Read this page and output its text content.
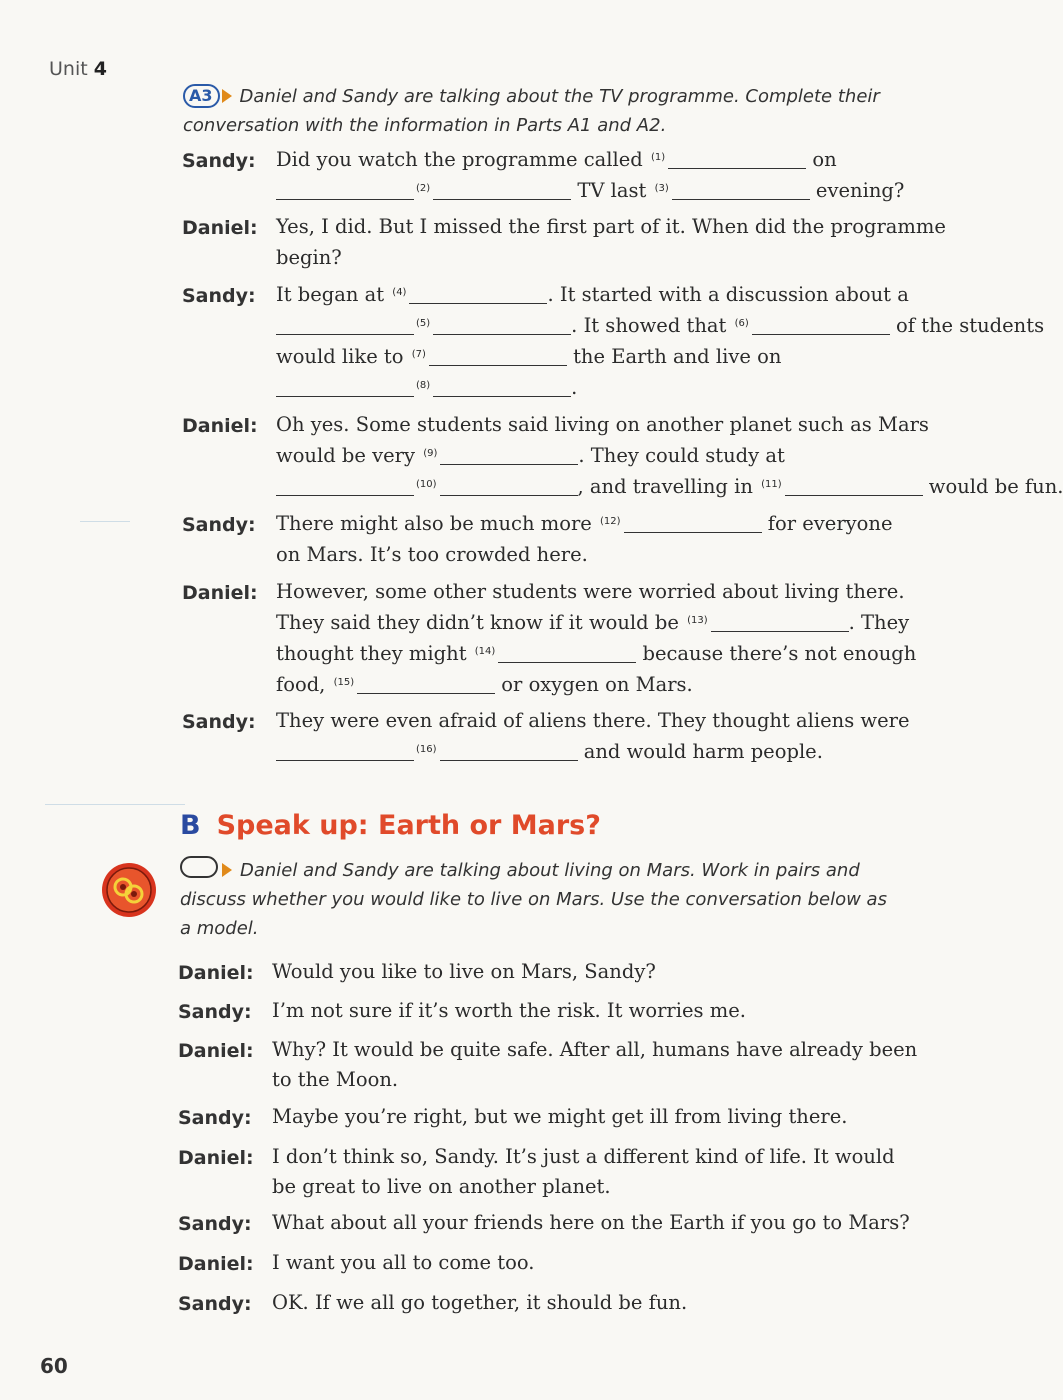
Unit 4
A3 Daniel and Sandy are talking about the TV programme. Complete their
conversation with the information in Parts A1 and A2.
Sandy: Did you watch the programme called $^{(1)}$	on
$^{(2)}$	TV last $^{(3)}$	evening?
Daniel: Yes, I did. But I missed the first part of it. When did the programme
begin?
Sandy: It began at $^{(4)}$	. It started with a discussion about a
$^{(5)}$	. It showed that $^{(6)}$	of the students
would like to $^{(7)}$	the Earth and live on
$^{(8)}$	.
Daniel: Oh yes. Some students said living on another planet such as Mars
would be very $^{(9)}$	. They could study at
$^{(10)}$	, and travelling in $^{(11)}$	would be fun.
Sandy: There might also be much more $^{(12)}$	for everyone
on Mars. It’s too crowded here.
Daniel: However, some other students were worried about living there.
They said they didn’t know if it would be $^{(13)}$	. They
thought they might $^{(14)}$	because there’s not enough
food, $^{(15)}$	or oxygen on Mars.
Sandy: They were even afraid of aliens there. They thought aliens were
$^{(16)}$	and would harm people.
B Speak up: Earth or Mars?
Daniel and Sandy are talking about living on Mars. Work in pairs and
discuss whether you would like to live on Mars. Use the conversation below as
a model.
Daniel: Would you like to live on Mars, Sandy?
Sandy: I’m not sure if it’s worth the risk. It worries me.
Daniel: Why? It would be quite safe. After all, humans have already been
to the Moon.
Sandy: Maybe you’re right, but we might get ill from living there.
Daniel: I don’t think so, Sandy. It’s just a different kind of life. It would
be great to live on another planet.
Sandy: What about all your friends here on the Earth if you go to Mars?
Daniel: I want you all to come too.
Sandy: OK. If we all go together, it should be fun.
60
